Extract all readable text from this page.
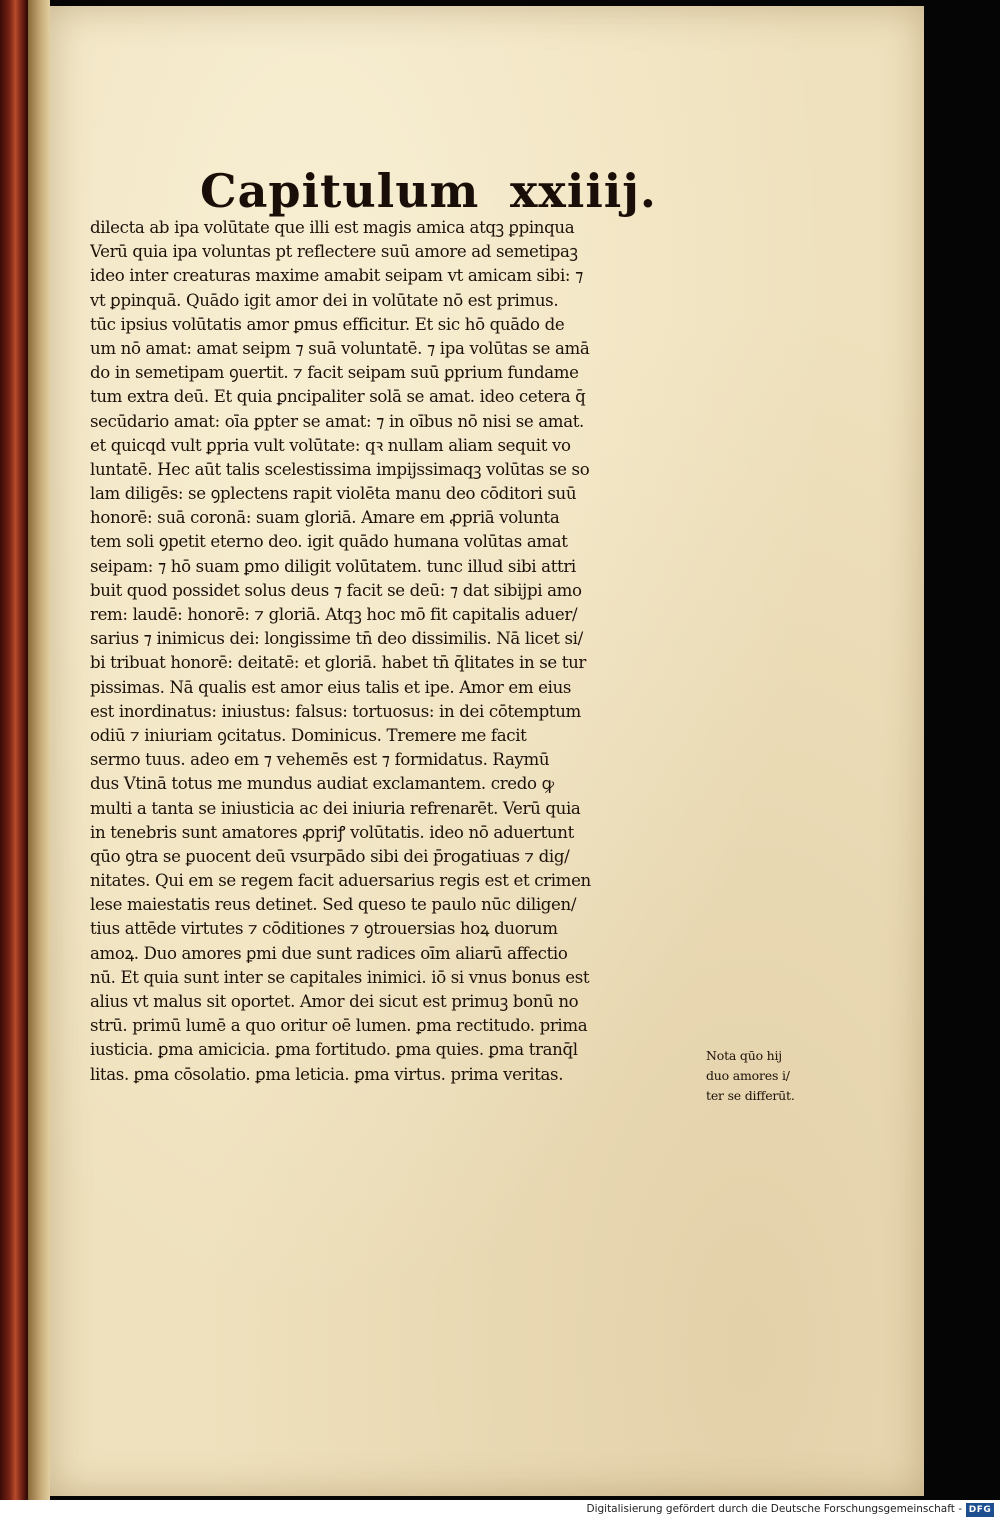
Capitulum xxiiij.
dilecta ab ipa volūtate que illi est magis amica atqꝫ ꝑpinqua
Verū quia ipa voluntas pt reflectere suū amore ad semetipaꝫ
ideo inter creaturas maxime amabit seipam vt amicam sibi: ⁊
vt ꝑpinquā. Quādo igit amor dei in volūtate nō est primus.
tūc ipsius volūtatis amor ꝑmus efficitur. Et sic hō quādo de
um nō amat: amat seipm ⁊ suā voluntatē. ⁊ ipa volūtas se amā
do in semetipam ꝯuertit. ⁊ facit seipam suū ꝑprium fundame
tum extra deū. Et quia ꝑncipaliter solā se amat. ideo cetera q̄
secūdario amat: oīa ꝑpter se amat: ⁊ in oībus nō nisi se amat.
et quicqd vult ꝑpria vult volūtate: qꝛ nullam aliam sequit vo
luntatē. Hec aūt talis scelestissima impijssimaqꝫ volūtas se so
lam diligēs: se ꝯplectens rapit violēta manu deo cōditori suū
honorē: suā coronā: suam gloriā. Amare em ꝓpriā volunta
tem soli ꝯpetit eterno deo. igit quādo humana volūtas amat
seipam: ⁊ hō suam ꝑmo diligit volūtatem. tunc illud sibi attri
buit quod possidet solus deus ⁊ facit se deū: ⁊ dat sibijpi amo
rem: laudē: honorē: ⁊ gloriā. Atqꝫ hoc mō fit capitalis aduer/
sarius ⁊ inimicus dei: longissime tn̄ deo dissimilis. Nā licet si/
bi tribuat honorē: deitatē: et gloriā. habet tn̄ q̄litates in se tur
pissimas. Nā qualis est amor eius talis et ipe. Amor em eius
est inordinatus: iniustus: falsus: tortuosus: in dei cōtemptum
odiū ⁊ iniuriam ꝯcitatus. Dominicus. Tremere me facit
sermo tuus. adeo em ⁊ vehemēs est ⁊ formidatus. Raymū
dus Vtinā totus me mundus audiat exclamantem. credo ꝙ
multi a tanta se iniusticia ac dei iniuria refrenarēt. Verū quia
in tenebris sunt amatores ꝓpriꝭ volūtatis. ideo nō aduertunt
qūo ꝯtra se ꝑuocent deū vsurpādo sibi dei p̄rogatiuas ⁊ dig/
nitates. Qui em se regem facit aduersarius regis est et crimen
lese maiestatis reus detinet. Sed queso te paulo nūc diligen/
tius attēde virtutes ⁊ cōditiones ⁊ ꝯtrouersias hoꝝ duorum
amoꝝ. Duo amores ꝑmi due sunt radices oīm aliarū affectio
nū. Et quia sunt inter se capitales inimici. iō si vnus bonus est
alius vt malus sit oportet. Amor dei sicut est primuꝫ bonū no
strū. primū lumē a quo oritur oē lumen. ꝑma rectitudo. prima
iusticia. ꝑma amicicia. ꝑma fortitudo. ꝑma quies. ꝑma tranq̄l
litas. ꝑma cōsolatio. ꝑma leticia. ꝑma virtus. prima veritas.
Nota qūo hij
duo amores i/
ter se differūt.
Digitalisierung gefördert durch die Deutsche Forschungsgemeinschaft - DFG
